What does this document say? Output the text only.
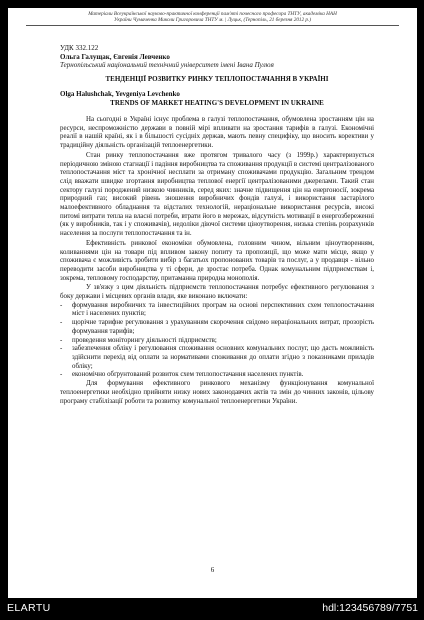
Матеріали Всеукраїнської науково-практичної конференції пам'яті почесного професора ТНТУ, академіка НАН
України Чумаченка Миколи Григоровича ТНТУ м. | Луцьк, (Тернопіль, 21 березня 2012 р.)
УДК 332.122
Ольга Галущак, Євгенія Левченко
Тернопільський національний технічний університет імені Івана Пулюя
ТЕНДЕНЦІЇ РОЗВИТКУ РИНКУ ТЕПЛОПОСТАЧАННЯ В УКРАЇНІ
Olga Halushchak, Yevgeniya Levchenko
TRENDS OF MARKET HEATING'S DEVELOPMENT IN UKRAINE

На сьогодні в Україні існує проблема в галузі теплопостачання, обумовлена зростанням цін на ресурси, неспроможністю держави в повній мірі впливати на зростання тарифів в галузі. Економічні реалії в нашій країні, як і в більшості сусідніх держав, мають певну специфіку, що вносить корективи у традиційну діяльність організацій теплоенергетики.

Стан ринку теплопостачання вже протягом тривалого часу (з 1999р.) характеризується періодичною зміною стагнації і падіння виробництва та споживання продукції в системі централізованого теплопостачання міст та хронічної несплати за отриману споживачами продукцію. Загальним трендом слід вважати швидке згортання виробництва теплової енергії централізованими джерелами. Такий стан сектору галузі породжений низкою чинників, серед яких: значне підвищення цін на енергоносії, зокрема природний газ; високий рівень зношення виробничих фондів галузі, і використання застарілого малоефективного обладнання та відсталих технологій, нераціональне використання ресурсів, високі питомі витрати тепла на власні потреби, втрати його в мережах, відсутність мотивації в енергозбереженні (як у виробників, так і у споживачів), недоліки діючої системи ціноутворення, низька степінь розрахунків населення за послуги теплопостачання та ін.

Ефективність ринкової економіки обумовлена, головним чином, вільним ціноутворенням, коливаннями цін на товари під впливом закону попиту та пропозиції, що може мати місце, якщо у споживача є можливість зробити вибір з багатьох пропонованих товарів та послуг, а у продавця - вільно переводити засоби виробництва у ті сфери, де зростає потреба. Однак комунальним підприємствам і, зокрема, тепловому господарству, притаманна природна монополія.

У зв'язку з цим діяльність підприємств теплопостачання потребує ефективного регулювання з боку держави і місцевих органів влади, яке виконано включати:

- формування виробничих та інвестиційних програм на основі перспективних схем теплопостачання міст і населених пунктів;
- щорічне тарифне регулювання з урахуванням скорочення свідомо нераціональних витрат, прозорість формування тарифів;
- проведення моніторингу діяльності підприємств;
- забезпечення обліку і регулювання споживання основних комунальних послуг, що дасть можливість здійснити перехід від оплати за нормативами споживання до оплати згідно з показниками приладів обліку;
- економічно обґрунтований розвиток схем теплопостачання населених пунктів.

Для формування ефективного ринкового механізму функціонування комунальної теплоенергетики необхідно прийняти низку нових законодавчих актів та змін до чинних законів, цільову програму стабілізації роботи та розвитку комунальної теплоенергетики України.

6
ELARTU	hdl:123456789/7751
